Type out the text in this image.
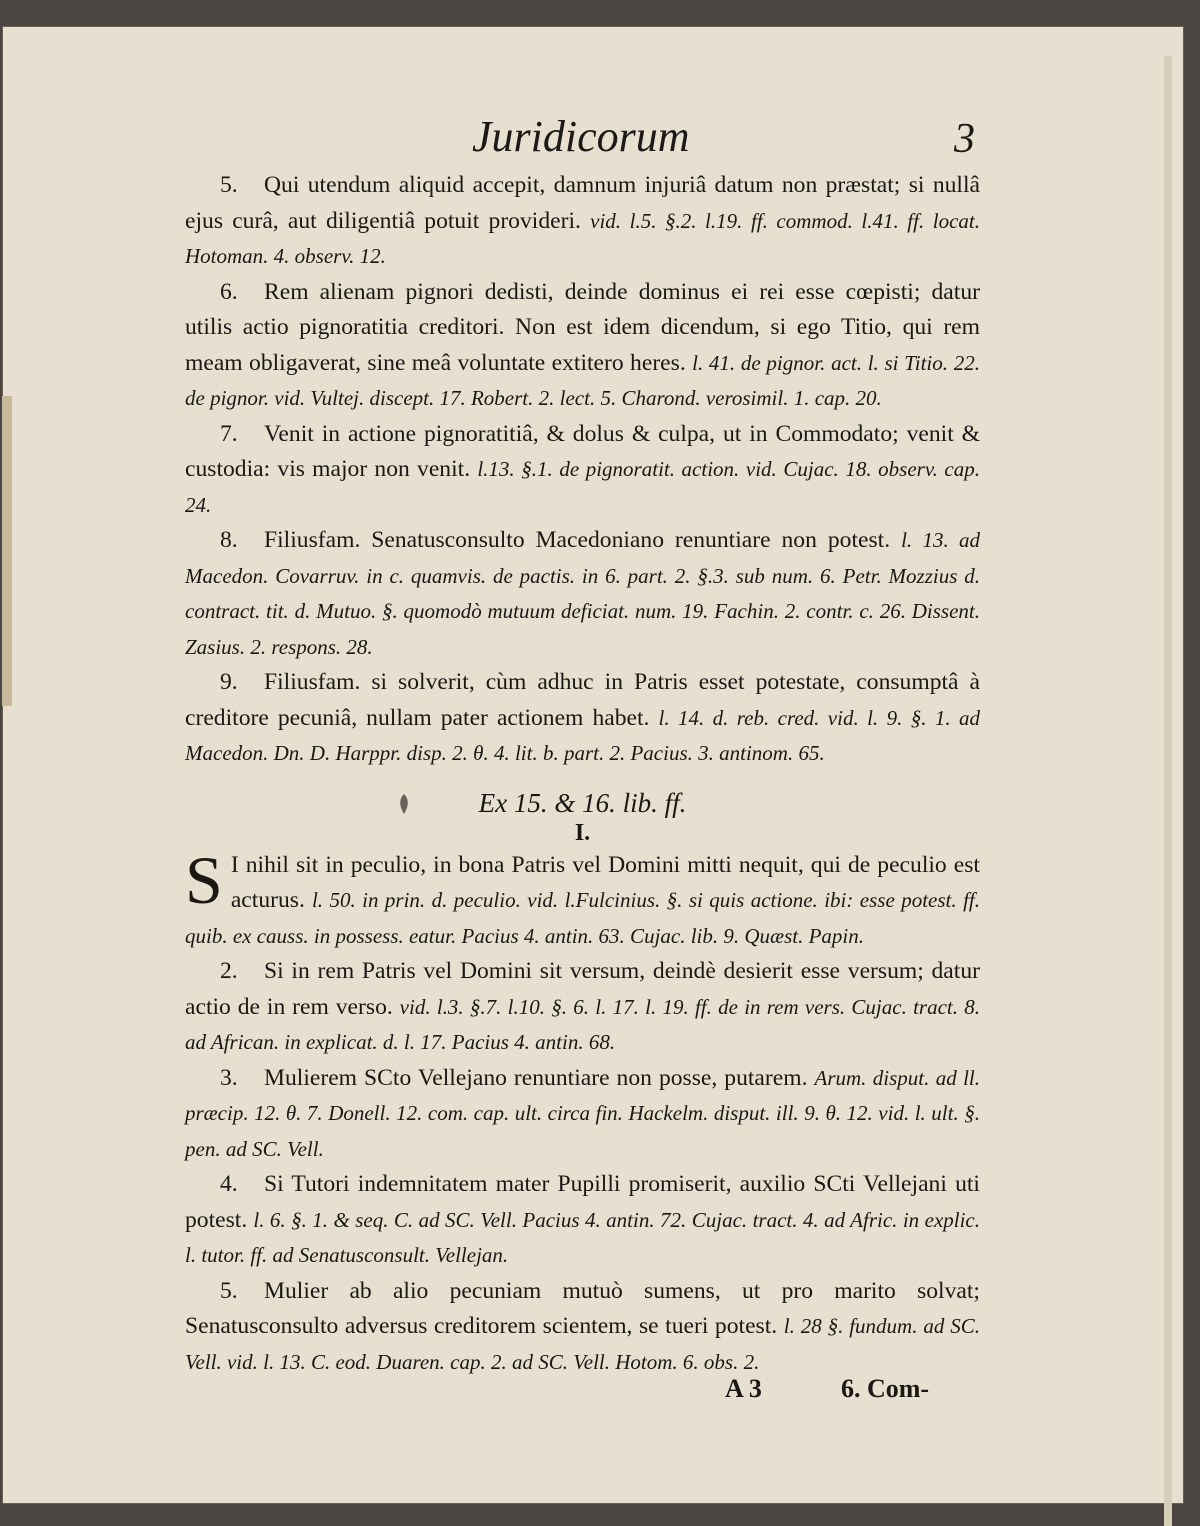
Juridicorum	3

5. Qui utendum aliquid accepit, damnum injuriâ datum non præstat; si nullâ ejus curâ, aut diligentiâ potuit provideri. vid. l.5. §.2. l.19. ff. commod. l.41. ff. locat. Hotoman. 4. observ. 12.

6. Rem alienam pignori dedisti, deinde dominus ei rei esse cœpisti; datur utilis actio pignoratitia creditori. Non est idem dicendum, si ego Titio, qui rem meam obligaverat, sine meâ voluntate extitero heres. l. 41. de pignor. act. l. si Titio. 22. de pignor. vid. Vultej. discept. 17. Robert. 2. lect. 5. Charond. verosimil. 1. cap. 20.

7. Venit in actione pignoratitiâ, & dolus & culpa, ut in Commodato; venit & custodia: vis major non venit. l.13. §.1. de pignoratit. action. vid. Cujac. 18. observ. cap. 24.

8. Filiusfam. Senatusconsulto Macedoniano renuntiare non potest. l. 13. ad Macedon. Covarruv. in c. quamvis. de pactis. in 6. part. 2. §.3. sub num. 6. Petr. Mozzius d. contract. tit. d. Mutuo. §. quomodò mutuum deficiat. num. 19. Fachin. 2. contr. c. 26. Dissent. Zasius. 2. respons. 28.

9. Filiusfam. si solverit, cùm adhuc in Patris esset potestate, consumptâ à creditore pecuniâ, nullam pater actionem habet. l. 14. d. reb. cred. vid. l. 9. §. 1. ad Macedon. Dn. D. Harppr. disp. 2. θ. 4. lit. b. part. 2. Pacius. 3. antinom. 65.

Ex 15. & 16. lib. ff.

I.

S I nihil sit in peculio, in bona Patris vel Domini mitti nequit, qui de peculio est acturus. l. 50. in prin. d. peculio. vid. l.Fulcinius. §. si quis actione. ibi: esse potest. ff. quib. ex causs. in possess. eatur. Pacius 4. antin. 63. Cujac. lib. 9. Quæst. Papin.

2. Si in rem Patris vel Domini sit versum, deindè desierit esse versum; datur actio de in rem verso. vid. l.3. §.7. l.10. §. 6. l. 17. l. 19. ff. de in rem vers. Cujac. tract. 8. ad African. in explicat. d. l. 17. Pacius 4. antin. 68.

3. Mulierem SCto Vellejano renuntiare non posse, putarem. Arum. disput. ad ll. præcip. 12. θ. 7. Donell. 12. com. cap. ult. circa fin. Hackelm. disput. ill. 9. θ. 12. vid. l. ult. §. pen. ad SC. Vell.

4. Si Tutori indemnitatem mater Pupilli promiserit, auxilio SCti Vellejani uti potest. l. 6. §. 1. & seq. C. ad SC. Vell. Pacius 4. antin. 72. Cujac. tract. 4. ad Afric. in explic. l. tutor. ff. ad Senatusconsult. Vellejan.

5. Mulier ab alio pecuniam mutuò sumens, ut pro marito solvat; Senatusconsulto adversus creditorem scientem, se tueri potest. l. 28 §. fundum. ad SC. Vell. vid. l. 13. C. eod. Duaren. cap. 2. ad SC. Vell. Hotom. 6. obs. 2.

A 3	6. Com-
